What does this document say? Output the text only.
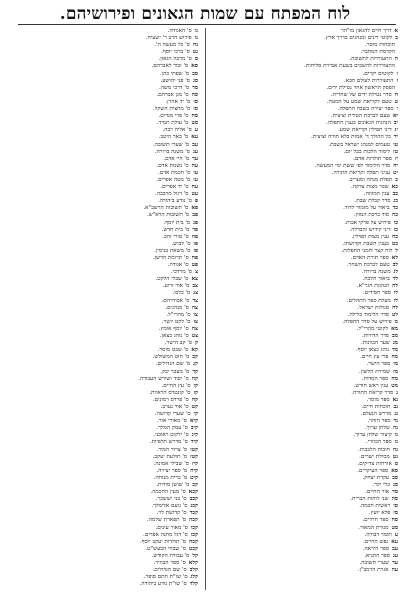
לוח המפתח עם שמות הגאונים ופירושיהם.
אדרך חיים להגאון מו"הר
בלקוטי דינים ומנהגים בדרך ארץ.
תוכחות מוסר.
הקדמת המחבר.
ההתעוררות לתשובה.
התעוררות להשכים בשעת אמירת סליחות.
ולקוטים יקרים.
זהתעוררות לעולם הבא.
הפסק הראשון אחר נטילת ידים.
חסדר נטילת ידים של שחרית.
טטעם לקריאת שמע על המטה.
יספר יצירה בשבח התפלה.
יאטעם לברכת הטלית וציצית.
יבהנהגות הגאונים בענין התפלה.
יגדיני תפילין וקריאת שמע.
ידכל ההולך ד' אמות בלא תורה וציצית.
טוטעמים למנהג ישראל בשבת.
טזלימוד הלכות בכל יום.
יזספר תולדות אדם.
יחסדר הלימוד לפי ששת ימי המעשה.
יטעניני תפלה וקריאת התורה.
כתפלת מנחה ומעריב.
כאשכר מצות צדקה.
כבענין המזוזה.
כגסדר קבלת שבת.
כדביאור על מזמור לדוד.
כהסוד ברכת המזון.
כופירוש על פרקי אבות.
כזדיני קידוש והבדלה.
כחענין מצות תפילין.
כטבענין השבת וקדושתו.
ללוח קצר לזמני התפלות.
לאספר תורת האדם.
לבטעם לברכת השחר.
לגמשנה ברורה.
לדביאור הלכה.
לההנהגות הגר"א.
לוספר חסידים.
לזמעלת ספר התהלים.
לחסגולות ישראל.
לטסדר הלימוד בלילה.
מפירוש על סדר התפלה.
מאלקוטי מהרי"ל.
מבסדר הדורות.
מגשער הכוונות.
מדנוהג כצאן יוסף.
מהפרי עץ חיים.
מוספר הישר.
מזשמירת הלשון.
מחספר המדות.
מטענין ראש חודש.
נסדר קריאת התורה.
נאספר מוסר.
נבתוכחות חיים.
נגמדרש הנעלם.
נדספר הזהר.
נהשלחן ערוך.
נוקיצור שלחן ערוך.
נזספר הכוזרי.
נחחובות הלבבות.
נטמסילת ישרים.
סאורחות צדיקים.
סאספר העיקרים.
סבעקדת יצחק.
סגכלי יקר.
סדאור החיים.
סהשני לוחות הברית.
סוראשית חכמה.
סזפלא יועץ.
סחספר חרדים.
סטמנורת המאור.
עתומר דבורה.
עאנפש החיים.
עבספר היראה.
עגספר התניא.
עדשערי תשובה.
עהאגרת הרמב"ן.
נוס' האגודה.
נזפירוש הרב ר' ישעיה.
נחס' כל מעשה ה'.
נטס' ברכי יוסף.
סס' מרבה הגאון.
סאס' זכור לאברהם.
סבס' שפתי כהן.
סגס' פני יהושע.
סדס' דרכי משה.
סהס' מגן אברהם.
סוס' יד אהרן.
סזס' מחצית השקל.
סחס' פרי מגדים.
סטס' עולת תמיד.
עס' אליה רבה.
עאס' באר היטב.
עבס' שערי תשובה.
עגס' משנה ברורה.
עדס' חיי אדם.
עהס' נשמת אדם.
עוס' חכמת אדם.
עזס' מטה אפרים.
עחס' יד אפרים.
עטס' דגול מרבבה.
פס' נודע ביהודה.
פאס' תשובות הרשב"א.
פבס' תשובות הרא"ש.
פגס' בית יוסף.
פדס' בית חדש.
פהס' טורי זהב.
פוס' לבוש.
פזס' משאת בנימין.
פחס' תרומת הדשן.
פטס' אגודה.
צס' מרדכי.
צאס' שבלי הלקט.
צבס' אור זרוע.
צגס' כלבו.
צדס' אבודרהם.
צהס' מנהגים.
צוס' מהרי"ל.
צזס' לקט יושר.
צחס' יוסף אומץ.
צטס' נוהג כצאן.
קס' קב הישר.
קאס' שבט מוסר.
קבס' חוט המשולש.
קגס' שם הגדולים.
קדס' מעבר יבק.
קהס' יסוד ושורש העבודה.
קוס' עץ החיים.
קזס' קונטרס הראיות.
קחס' פרדס רמונים.
קטס' אור נערב.
קיס' שערי קדושה.
קיאס' מאורי אור.
קיבס' עמק המלך.
קיגס' ילקוט ראובני.
קידס' מדרש תלפיות.
קטוס' צרור המור.
קטזס' תולעת יעקב.
קיזס' שבילי אמונה.
קיחס' ספר יצירה.
קיטס' ברית מנוחה.
קכס' שושן סודות.
קכאס' מעין החכמה.
קכבס' בני יששכר.
קכגס' נועם אלימלך.
קכדס' קדושת לוי.
קכהס' תפארת שלמה.
קכוס' מאור עינים.
קכזס' דגל מחנה אפרים.
קכחס' תולדות יעקב יוסף.
קכטס' שבחי הבעש"ט.
קלס' עבודת הקודש.
קלאס' ספר הבהיר.
קלבס' שם הגדולים.
קלגס' שו"ת חתם סופר.
קלדס' שו"ת נודע ביהודה.
